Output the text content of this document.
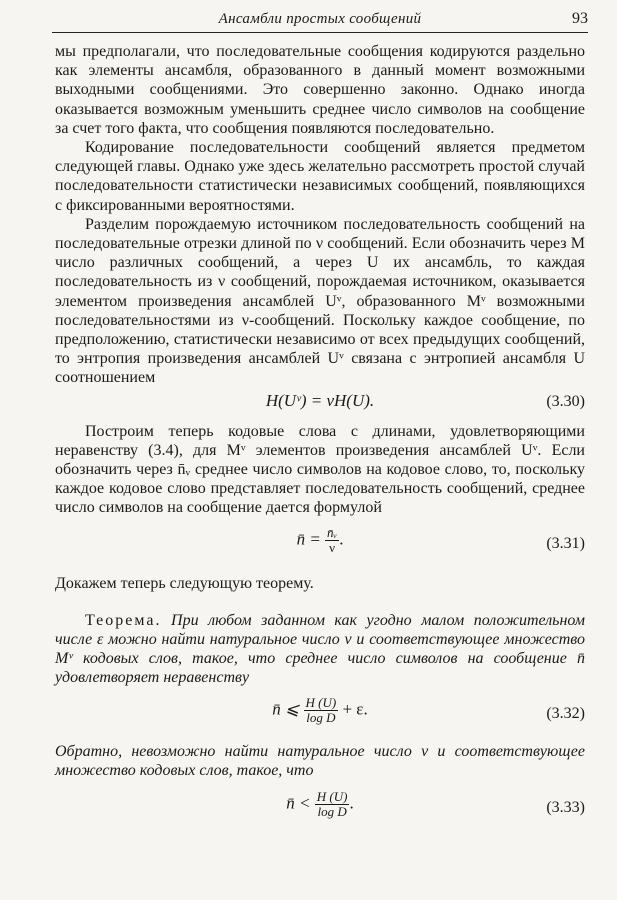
Ансамбли простых сообщений	93

мы предполагали, что последовательные сообщения кодируются раздельно как элементы ансамбля, образованного в данный момент возможными выходными сообщениями. Это совершенно законно. Однако иногда оказывается возможным уменьшить среднее число символов на сообщение за счет того факта, что сообщения появляются последовательно.

Кодирование последовательности сообщений является предметом следующей главы. Однако уже здесь желательно рассмотреть простой случай последовательности статистически независимых сообщений, появляющихся с фиксированными вероятностями.

Разделим порождаемую источником последовательность сообщений на последовательные отрезки длиной по ν сообщений. Если обозначить через M число различных сообщений, а через U их ансамбль, то каждая последовательность из ν сообщений, порождаемая источником, оказывается элементом произведения ансамблей Uᵛ, образованного Mᵛ возможными последовательностями из ν-сообщений. Поскольку каждое сообщение, по предположению, статистически независимо от всех предыдущих сообщений, то энтропия произведения ансамблей Uᵛ связана с энтропией ансамбля U соотношением

H(Uᵛ) = νH(U).	(3.30)

Построим теперь кодовые слова с длинами, удовлетворяющими неравенству (3.4), для Mᵛ элементов произведения ансамблей Uᵛ. Если обозначить через n̄ᵥ среднее число символов на кодовое слово, то, поскольку каждое кодовое слово представляет последовательность сообщений, среднее число символов на сообщение дается формулой

n̄ = $\frac{\text{n̄ᵥ}}{\nu}$ .	(3.31)

Докажем теперь следующую теорему.

Теорема. При любом заданном как угодно малом положительном числе ε можно найти натуральное число ν и соответствующее множество Mᵛ кодовых слов, такое, что среднее число символов на сообщение n̄ удовлетворяет неравенству

n̄ ⩽ $\frac{H (U)}{\text{log D}} + \varepsilon$.	(3.32)

Обратно, невозможно найти натуральное число ν и соответствующее множество кодовых слов, такое, что

n̄ < $\frac{H (U)}{\text{log D}}$ .	(3.33)
